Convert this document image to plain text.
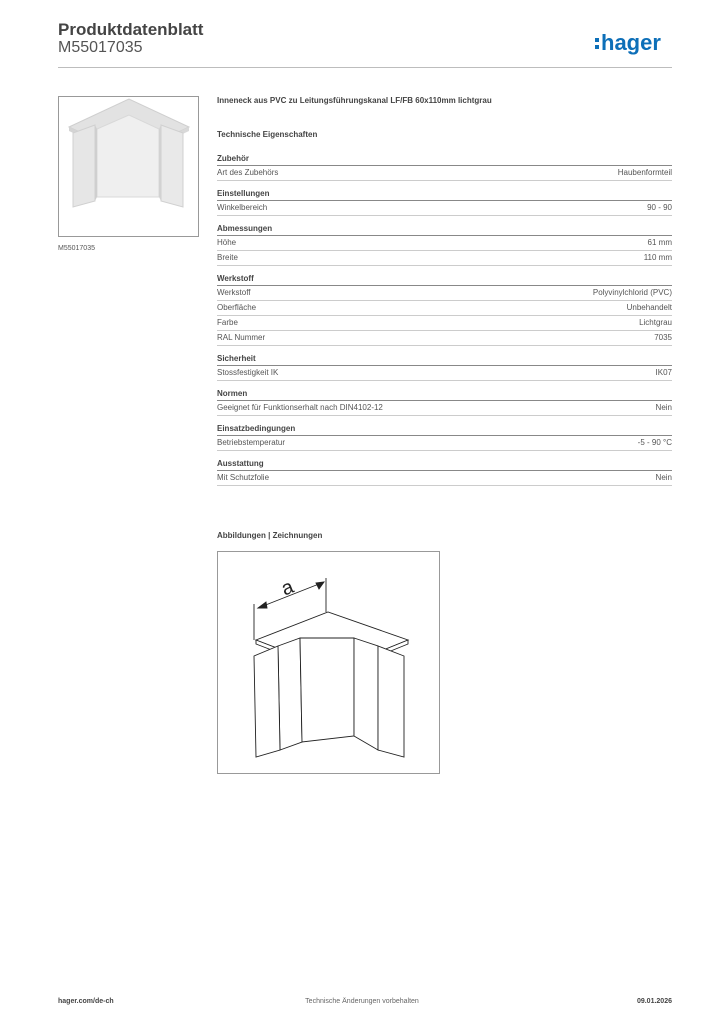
Produktdatenblatt
M55017035	hager
M55017035
Inneneck aus PVC zu Leitungsführungskanal LF/FB 60x110mm lichtgrau
Technische Eigenschaften
Zubehör
Art des Zubehörs	Haubenformteil
Einstellungen
Winkelbereich	90 - 90
Abmessungen
Höhe	61 mm
Breite	110 mm
Werkstoff
Werkstoff	Polyvinylchlorid (PVC)
Oberfläche	Unbehandelt
Farbe	Lichtgrau
RAL Nummer	7035
Sicherheit
Stossfestigkeit IK	IK07
Normen
Geeignet für Funktionserhalt nach DIN4102-12	Nein
Einsatzbedingungen
Betriebstemperatur	-5 - 90 °C
Ausstattung
Mit Schutzfolie	Nein
Abbildungen | Zeichnungen
a
hager.com/de-ch	Technische Änderungen vorbehalten	09.01.2026
